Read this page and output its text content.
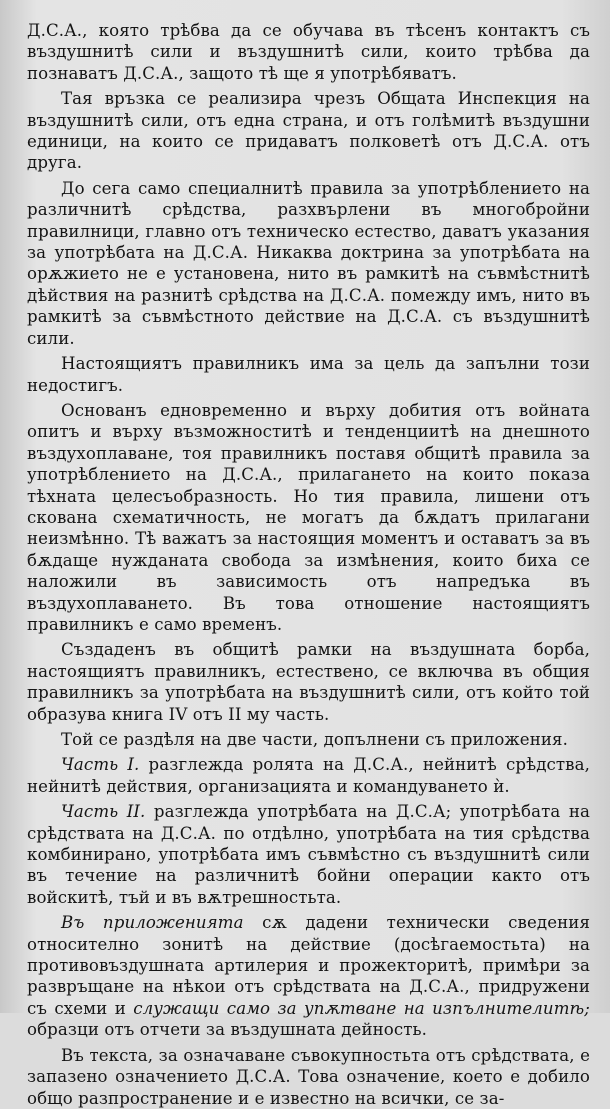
Д.С.А., която трѣбва да се обучава въ тѣсенъ контактъ съ въздушнитѣ сили и въздушнитѣ сили, които трѣбва да познаватъ Д.С.А., защото тѣ ще я употрѣбяватъ.

Тая връзка се реализира чрезъ Общата Инспекция на въздушнитѣ сили, отъ една страна, и отъ голѣмитѣ въздушни единици, на които се придаватъ полковетѣ отъ Д.С.А. отъ друга.

До сега само специалнитѣ правила за употрѣблението на различнитѣ срѣдства, разхвърлени въ многобройни правилници, главно отъ техническо естество, даватъ указания за употрѣбата на Д.С.А. Никаква доктрина за употрѣбата на орѫжието не е установена, нито въ рамкитѣ на съвмѣстнитѣ дѣйствия на разнитѣ срѣдства на Д.С.А. помежду имъ, нито въ рамкитѣ за съвмѣстното действие на Д.С.А. съ въздушнитѣ сили.

Настоящиятъ правилникъ има за цель да запълни този недостигъ.

Основанъ едновременно и върху добития отъ войната опитъ и върху възможноститѣ и тенденциитѣ на днешното въздухоплаване, тоя правилникъ поставя общитѣ правила за употрѣблението на Д.С.А., прилагането на които показа тѣхната целесъобразность. Но тия правила, лишени отъ скована схематичность, не могатъ да бѫдатъ прилагани неизмѣнно. Тѣ важатъ за настоящия моментъ и оставатъ за въ бѫдаще нужданата свобода за измѣнения, които биха се наложили въ зависимость отъ напредъка въ въздухоплаването. Въ това отношение настоящиятъ правилникъ е само временъ.

Създаденъ въ общитѣ рамки на въздушната борба, настоящиятъ правилникъ, естествено, се включва въ общия правилникъ за употрѣбата на въздушнитѣ сили, отъ който той образува книга IV отъ II му часть.

Той се раздѣля на две части, допълнени съ приложения.

Часть I. разглежда ролята на Д.С.А., нейнитѣ срѣдства, нейнитѣ действия, организацията и командуването ѝ.

Часть II. разглежда употрѣбата на Д.С.А; употрѣбата на срѣдствата на Д.С.А. по отдѣлно, употрѣбата на тия срѣдства комбинирано, употрѣбата имъ съвмѣстно съ въздушнитѣ сили въ течение на различнитѣ бойни операции както отъ войскитѣ, тъй и въ вѫтрешностьта.

Въ приложенията сѫ дадени технически сведения относително зонитѣ на действие (досѣгаемостьта) на противовъздушната артилерия и прожекторитѣ, примѣри за развръщане на нѣкои отъ срѣдствата на Д.С.А., придружени съ схеми и служащи само за упѫтване на изпълнителитѣ; образци отъ отчети за въздушната дейность.

Въ текста, за означаване съвокупностьта отъ срѣдствата, е запазено означението Д.С.А. Това означение, което е добило общо разпространение и е известно на всички, се за-
